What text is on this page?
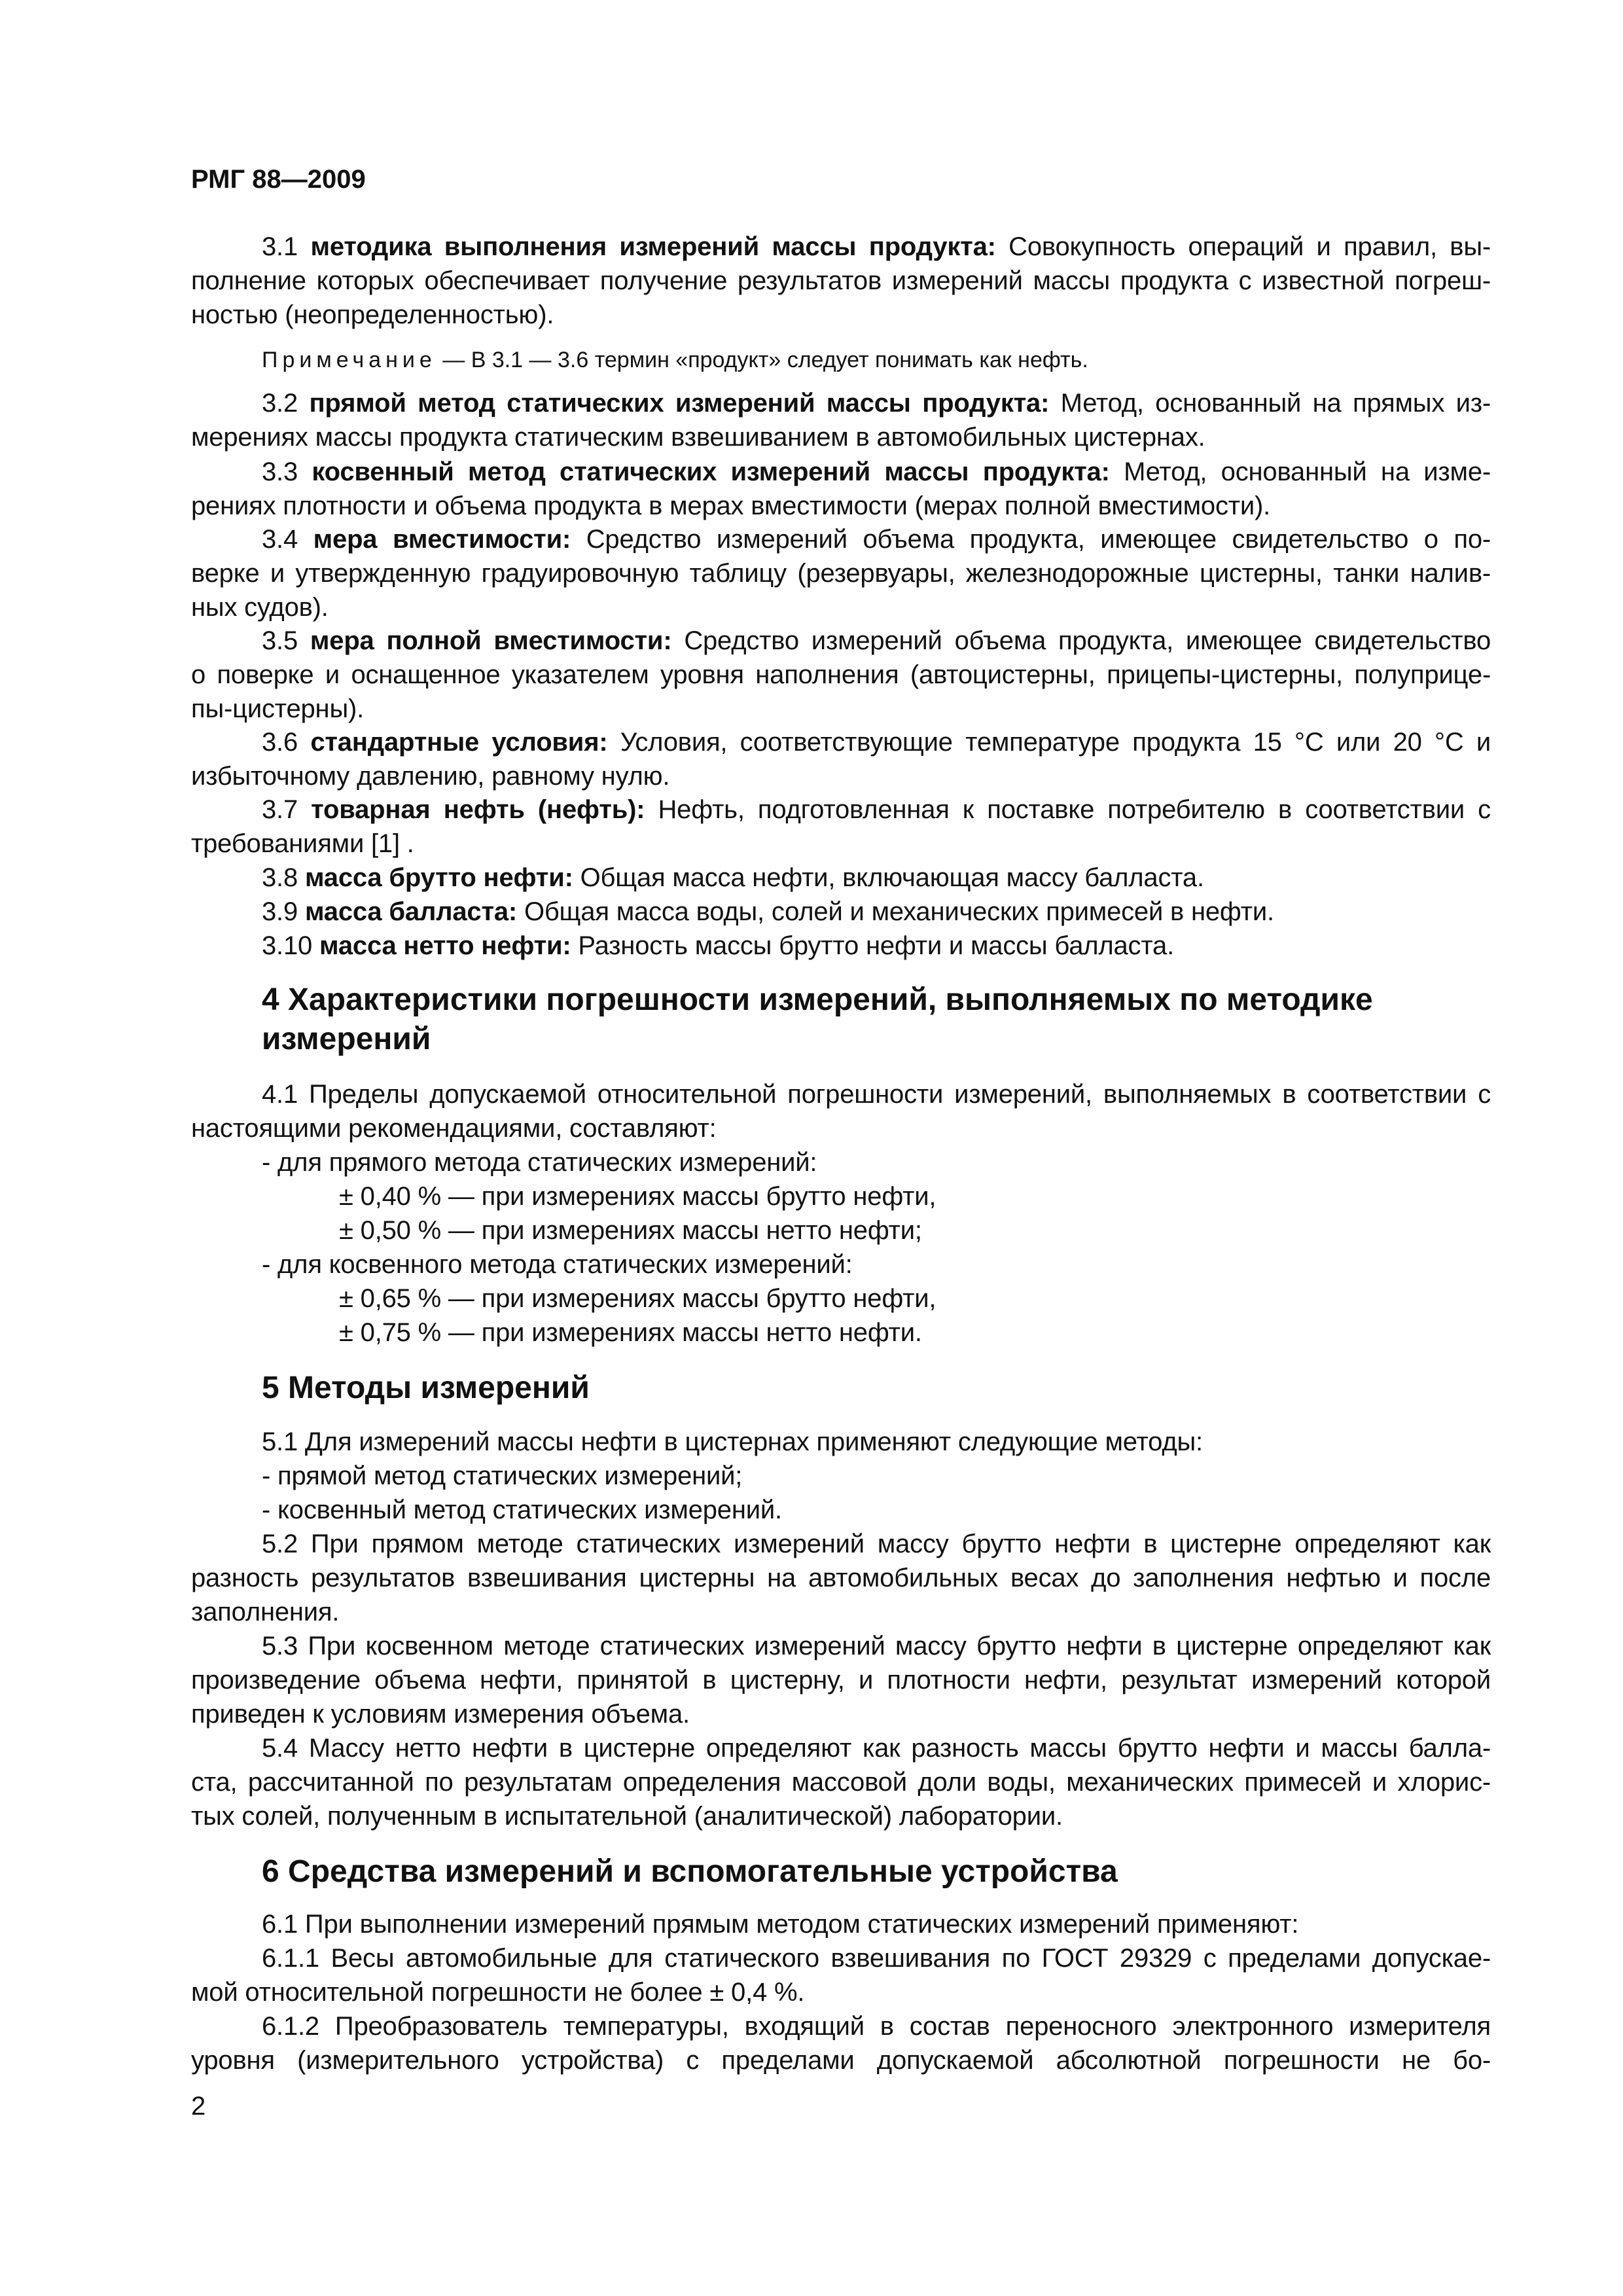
РМГ 88—2009
3.1 методика выполнения измерений массы продукта: Совокупность операций и правил, вы-
полнение которых обеспечивает получение результатов измерений массы продукта с известной погреш-
ностью (неопределенностью).
Примечание — В 3.1 — 3.6 термин «продукт» следует понимать как нефть.
3.2 прямой метод статических измерений массы продукта: Метод, основанный на прямых из-
мерениях массы продукта статическим взвешиванием в автомобильных цистернах.
3.3 косвенный метод статических измерений массы продукта: Метод, основанный на изме-
рениях плотности и объема продукта в мерах вместимости (мерах полной вместимости).
3.4 мера вместимости: Средство измерений объема продукта, имеющее свидетельство о по-
верке и утвержденную градуировочную таблицу (резервуары, железнодорожные цистерны, танки налив-
ных судов).
3.5 мера полной вместимости: Средство измерений объема продукта, имеющее свидетельство
о поверке и оснащенное указателем уровня наполнения (автоцистерны, прицепы-цистерны, полуприце-
пы-цистерны).
3.6 стандартные условия: Условия, соответствующие температуре продукта 15 °С или 20 °С и
избыточному давлению, равному нулю.
3.7 товарная нефть (нефть): Нефть, подготовленная к поставке потребителю в соответствии с
требованиями [1] .
3.8 масса брутто нефти: Общая масса нефти, включающая массу балласта.
3.9 масса балласта: Общая масса воды, солей и механических примесей в нефти.
3.10 масса нетто нефти: Разность массы брутто нефти и массы балласта.
4 Характеристики погрешности измерений, выполняемых по методике
измерений
4.1 Пределы допускаемой относительной погрешности измерений, выполняемых в соответствии с
настоящими рекомендациями, составляют:
- для прямого метода статических измерений:
± 0,40 % — при измерениях массы брутто нефти,
± 0,50 % — при измерениях массы нетто нефти;
- для косвенного метода статических измерений:
± 0,65 % — при измерениях массы брутто нефти,
± 0,75 % — при измерениях массы нетто нефти.
5 Методы измерений
5.1 Для измерений массы нефти в цистернах применяют следующие методы:
- прямой метод статических измерений;
- косвенный метод статических измерений.
5.2 При прямом методе статических измерений массу брутто нефти в цистерне определяют как
разность результатов взвешивания цистерны на автомобильных весах до заполнения нефтью и после
заполнения.
5.3 При косвенном методе статических измерений массу брутто нефти в цистерне определяют как
произведение объема нефти, принятой в цистерну, и плотности нефти, результат измерений которой
приведен к условиям измерения объема.
5.4 Массу нетто нефти в цистерне определяют как разность массы брутто нефти и массы балла-
ста, рассчитанной по результатам определения массовой доли воды, механических примесей и хлорис-
тых солей, полученным в испытательной (аналитической) лаборатории.
6 Средства измерений и вспомогательные устройства
6.1 При выполнении измерений прямым методом статических измерений применяют:
6.1.1 Весы автомобильные для статического взвешивания по ГОСТ 29329 с пределами допускае-
мой относительной погрешности не более ± 0,4 %.
6.1.2 Преобразователь температуры, входящий в состав переносного электронного измерителя
уровня (измерительного устройства) с пределами допускаемой абсолютной погрешности не бо-
2
